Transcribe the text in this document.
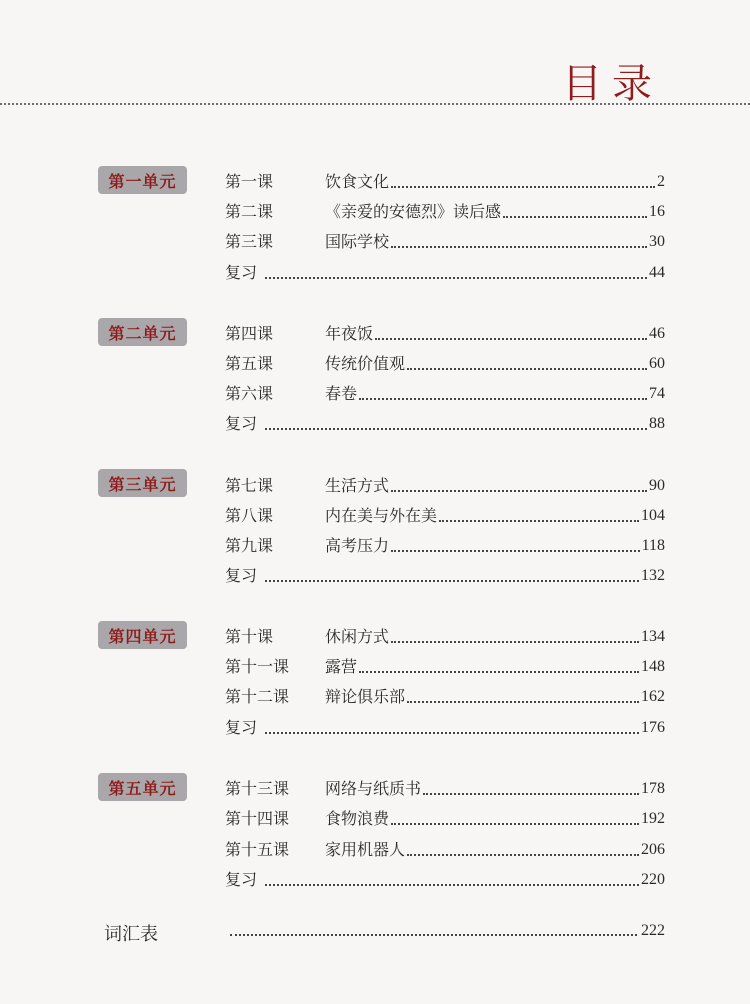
目录
第一单元	第一课	饮食文化	2
第二课	《亲爱的安德烈》读后感	16
第三课	国际学校	30
复习	44
第二单元	第四课	年夜饭	46
第五课	传统价值观	60
第六课	春卷	74
复习	88
第三单元	第七课	生活方式	90
第八课	内在美与外在美	104
第九课	高考压力	118
复习	132
第四单元	第十课	休闲方式	134
第十一课	露营	148
第十二课	辩论俱乐部	162
复习	176
第五单元	第十三课	网络与纸质书	178
第十四课	食物浪费	192
第十五课	家用机器人	206
复习	220
词汇表	222
